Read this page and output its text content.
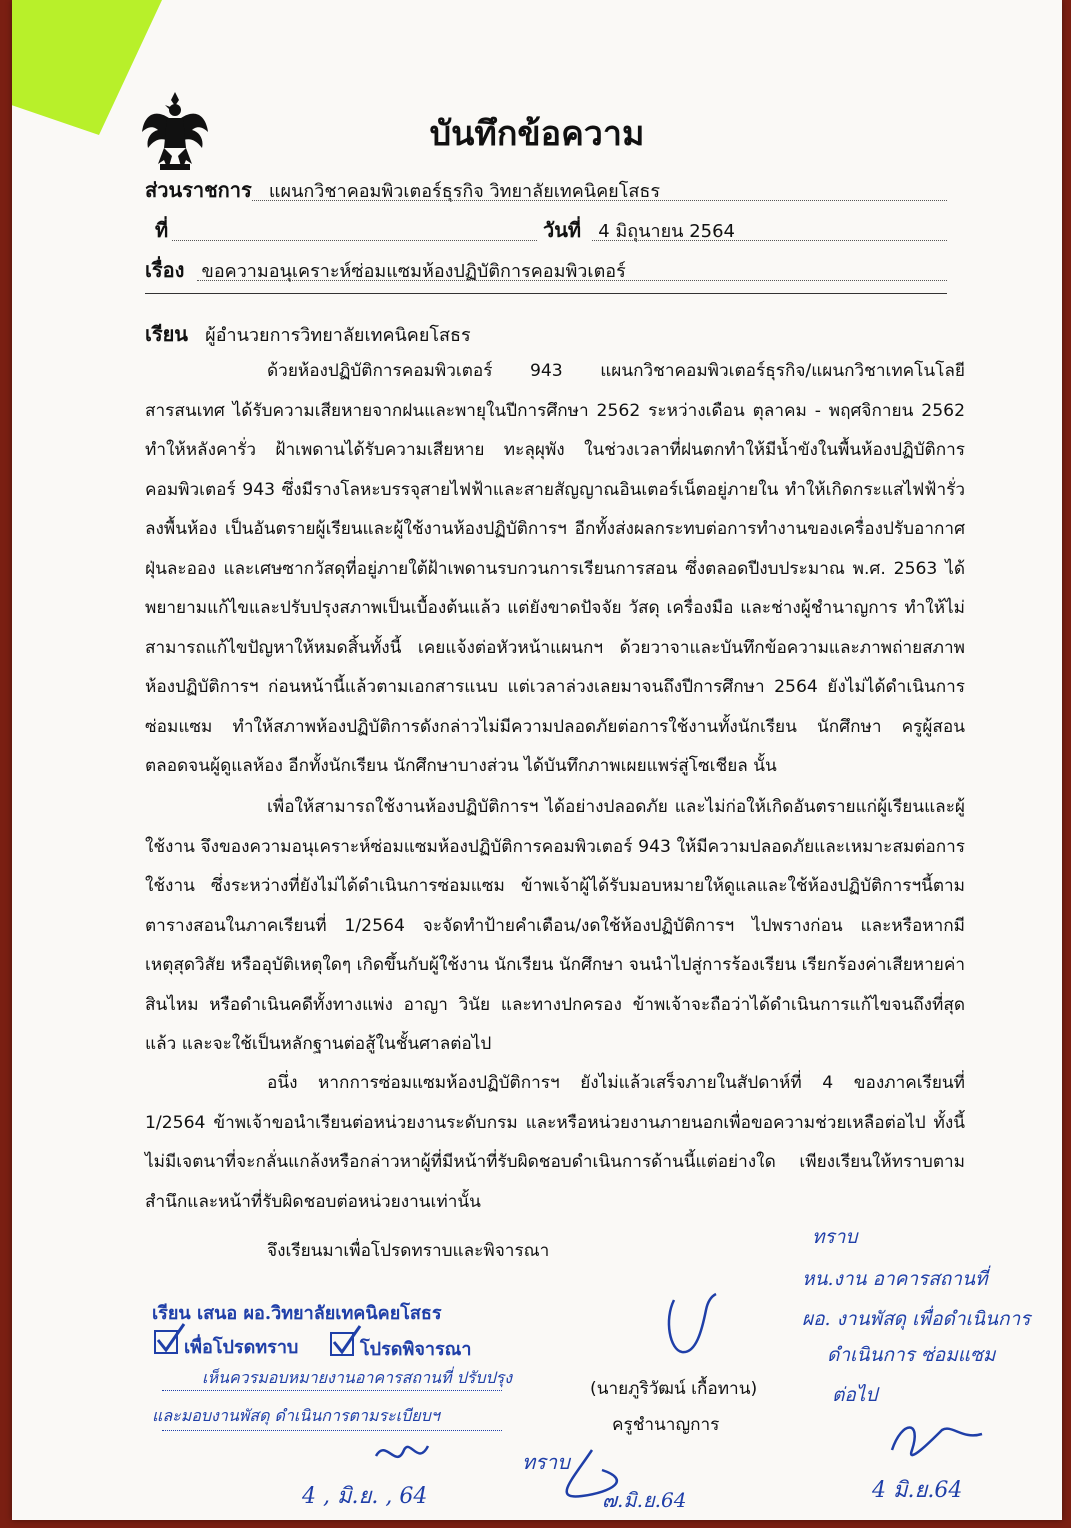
บันทึกข้อความ
ส่วนราชการ แผนกวิชาคอมพิวเตอร์ธุรกิจ วิทยาลัยเทคนิคยโสธร
ที่	วันที่ 4 มิถุนายน 2564
เรื่อง ขอความอนุเคราะห์ซ่อมแซมห้องปฏิบัติการคอมพิวเตอร์
เรียน ผู้อำนวยการวิทยาลัยเทคนิคยโสธร
ด้วยห้องปฏิบัติการคอมพิวเตอร์ 943 แผนกวิชาคอมพิวเตอร์ธุรกิจ/แผนกวิชาเทคโนโลยีสารสนเทศ ได้รับความเสียหายจากฝนและพายุในปีการศึกษา 2562 ระหว่างเดือน ตุลาคม - พฤศจิกายน 2562 ทำให้หลังคารั่ว ฝ้าเพดานได้รับความเสียหาย ทะลุผุพัง ในช่วงเวลาที่ฝนตกทำให้มีน้ำขังในพื้นห้องปฏิบัติการคอมพิวเตอร์ 943 ซึ่งมีรางโลหะบรรจุสายไฟฟ้าและสายสัญญาณอินเตอร์เน็ตอยู่ภายใน ทำให้เกิดกระแสไฟฟ้ารั่วลงพื้นห้อง เป็นอันตรายผู้เรียนและผู้ใช้งานห้องปฏิบัติการฯ อีกทั้งส่งผลกระทบต่อการทำงานของเครื่องปรับอากาศ ฝุ่นละออง และเศษซากวัสดุที่อยู่ภายใต้ฝ้าเพดานรบกวนการเรียนการสอน ซึ่งตลอดปีงบประมาณ พ.ศ. 2563 ได้พยายามแก้ไขและปรับปรุงสภาพเป็นเบื้องต้นแล้ว แต่ยังขาดปัจจัย วัสดุ เครื่องมือ และช่างผู้ชำนาญการ ทำให้ไม่สามารถแก้ไขปัญหาให้หมดสิ้นทั้งนี้ เคยแจ้งต่อหัวหน้าแผนกฯ ด้วยวาจาและบันทึกข้อความและภาพถ่ายสภาพห้องปฏิบัติการฯ ก่อนหน้านี้แล้วตามเอกสารแนบ แต่เวลาล่วงเลยมาจนถึงปีการศึกษา 2564 ยังไม่ได้ดำเนินการซ่อมแซม ทำให้สภาพห้องปฏิบัติการดังกล่าวไม่มีความปลอดภัยต่อการใช้งานทั้งนักเรียน นักศึกษา ครูผู้สอน ตลอดจนผู้ดูแลห้อง อีกทั้งนักเรียน นักศึกษาบางส่วน ได้บันทึกภาพเผยแพร่สู่โซเชียล นั้น
เพื่อให้สามารถใช้งานห้องปฏิบัติการฯ ได้อย่างปลอดภัย และไม่ก่อให้เกิดอันตรายแก่ผู้เรียนและผู้ใช้งาน จึงของความอนุเคราะห์ซ่อมแซมห้องปฏิบัติการคอมพิวเตอร์ 943 ให้มีความปลอดภัยและเหมาะสมต่อการใช้งาน ซึ่งระหว่างที่ยังไม่ได้ดำเนินการซ่อมแซม ข้าพเจ้าผู้ได้รับมอบหมายให้ดูแลและใช้ห้องปฏิบัติการฯนี้ตามตารางสอนในภาคเรียนที่ 1/2564 จะจัดทำป้ายคำเตือน/งดใช้ห้องปฏิบัติการฯ ไปพรางก่อน และหรือหากมีเหตุสุดวิสัย หรืออุบัติเหตุใดๆ เกิดขึ้นกับผู้ใช้งาน นักเรียน นักศึกษา จนนำไปสู่การร้องเรียน เรียกร้องค่าเสียหายค่าสินไหม หรือดำเนินคดีทั้งทางแพ่ง อาญา วินัย และทางปกครอง ข้าพเจ้าจะถือว่าได้ดำเนินการแก้ไขจนถึงที่สุดแล้ว และจะใช้เป็นหลักฐานต่อสู้ในชั้นศาลต่อไป
อนึ่ง หากการซ่อมแซมห้องปฏิบัติการฯ ยังไม่แล้วเสร็จภายในสัปดาห์ที่ 4 ของภาคเรียนที่ 1/2564 ข้าพเจ้าขอนำเรียนต่อหน่วยงานระดับกรม และหรือหน่วยงานภายนอกเพื่อขอความช่วยเหลือต่อไป ทั้งนี้ ไม่มีเจตนาที่จะกลั่นแกล้งหรือกล่าวหาผู้ที่มีหน้าที่รับผิดชอบดำเนินการด้านนี้แต่อย่างใด เพียงเรียนให้ทราบตามสำนึกและหน้าที่รับผิดชอบต่อหน่วยงานเท่านั้น
จึงเรียนมาเพื่อโปรดทราบและพิจารณา
(นายภูริวัฒน์ เกื้อทาน)
ครูชำนาญการ
เรียน เสนอ ผอ.วิทยาลัยเทคนิคยโสธร
เพื่อโปรดทราบ	โปรดพิจารณา
เห็นควรมอบหมายงานอาคารสถานที่ ปรับปรุง
และมอบงานพัสดุ ดำเนินการตามระเบียบฯ
4 , มิ.ย. , 64
ทราบ
๗.มิ.ย.64
ทราบ
หน.งาน อาคารสถานที่
ผอ. งานพัสดุ เพื่อดำเนินการ
ดำเนินการ ซ่อมแซม
ต่อไป
4 มิ.ย.64
